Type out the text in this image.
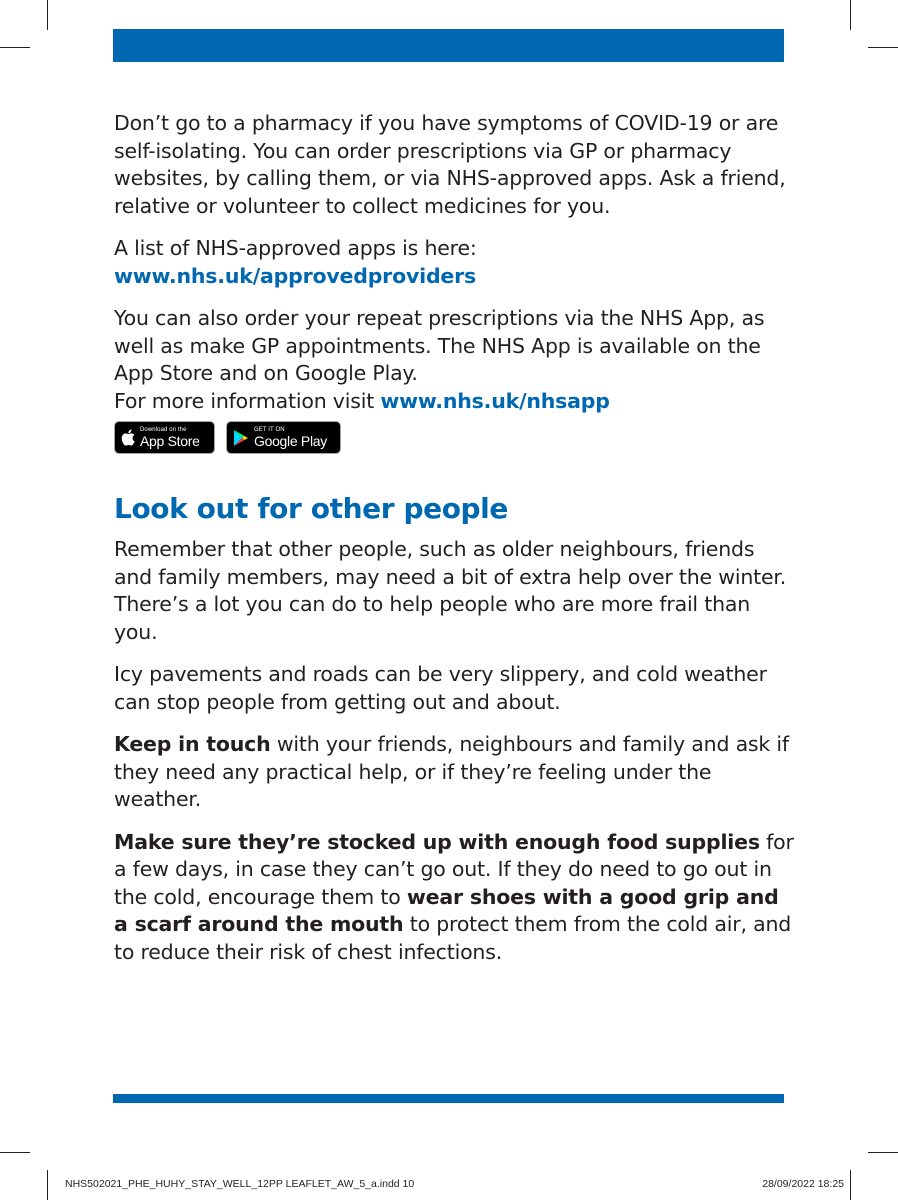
Don’t go to a pharmacy if you have symptoms of COVID-19 or are self-isolating. You can order prescriptions via GP or pharmacy websites, by calling them, or via NHS-approved apps. Ask a friend, relative or volunteer to collect medicines for you.

A list of NHS-approved apps is here:
www.nhs.uk/approvedproviders

You can also order your repeat prescriptions via the NHS App, as well as make GP appointments. The NHS App is available on the App Store and on Google Play.
For more information visit www.nhs.uk/nhsapp

Download on the
App Store
GET IT ON
Google Play
Look out for other people

Remember that other people, such as older neighbours, friends and family members, may need a bit of extra help over the winter. There’s a lot you can do to help people who are more frail than you.

Icy pavements and roads can be very slippery, and cold weather can stop people from getting out and about.

Keep in touch with your friends, neighbours and family and ask if they need any practical help, or if they’re feeling under the weather.

Make sure they’re stocked up with enough food supplies for a few days, in case they can’t go out. If they do need to go out in the cold, encourage them to wear shoes with a good grip and a scarf around the mouth to protect them from the cold air, and to reduce their risk of chest infections.

NHS502021_PHE_HUHY_STAY_WELL_12PP LEAFLET_AW_5_a.indd 10	28/09/2022 18:25
